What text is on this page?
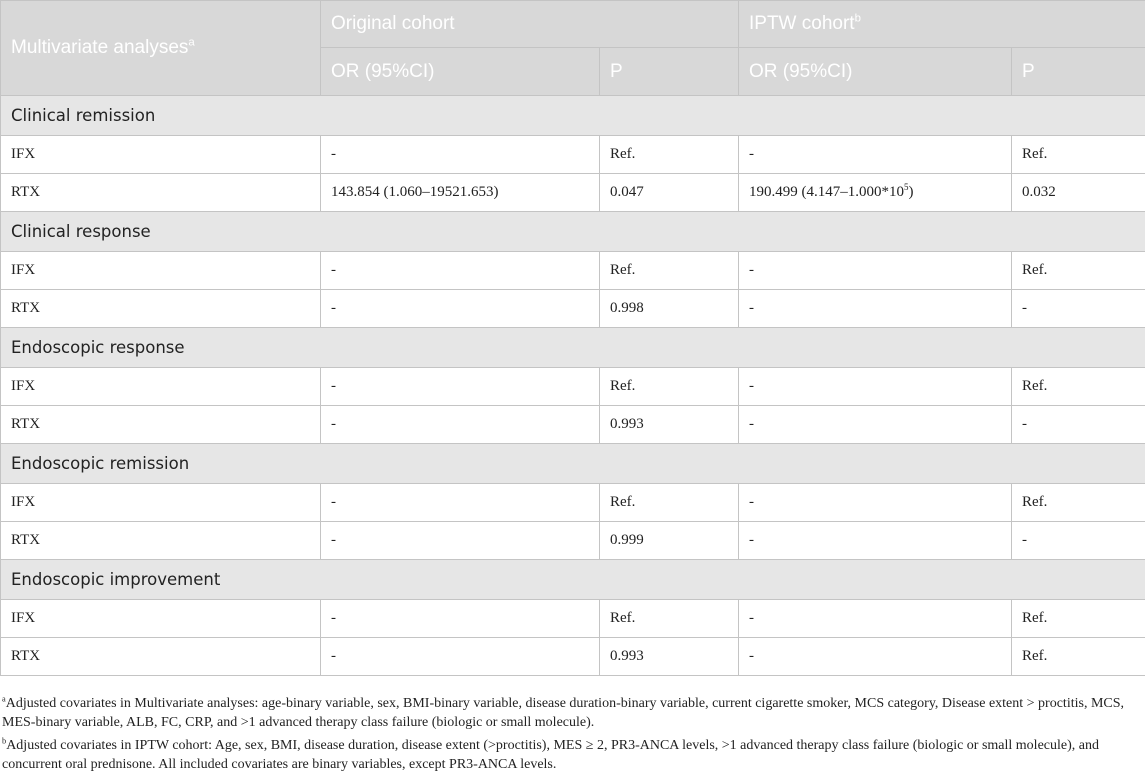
Multivariate analyses$^a$	Original cohort		IPTW cohort$^b$
	OR (95%CI)	P	OR (95%CI)	P
Clinical remission				
IFX	-	Ref.	-	Ref.
RTX	143.854 (1.060–19521.653)	0.047	190.499 $(4.147-1.000*10^5)$	0.032
Clinical response				
IFX	-	Ref.	-	Ref.
RTX	-	0.998	-	-
Endoscopic response				
IFX	-	Ref.	-	Ref.
RTX	-	0.993	-	-
Endoscopic remission				
IFX	-	Ref.	-	Ref.
RTX	-	0.999	-	-
Endoscopic improvement				
IFX	-	Ref.	-	Ref.
RTX	-	0.993	-	Ref.

$^a$Adjusted covariates in Multivariate analyses: age-binary variable, sex, BMI-binary variable, disease duration-binary variable, current cigarette smoker, MCS category, Disease extent > proctitis, MCS, MES-binary variable, ALB, FC, CRP, and >1 advanced therapy class failure (biologic or small molecule).

$^b$Adjusted covariates in IPTW cohort: Age, sex, BMI, disease duration, disease extent (>proctitis), MES ≥ 2, PR3-ANCA levels, >1 advanced therapy class failure (biologic or small molecule), and concurrent oral prednisone. All included covariates are binary variables, except PR3-ANCA levels.
